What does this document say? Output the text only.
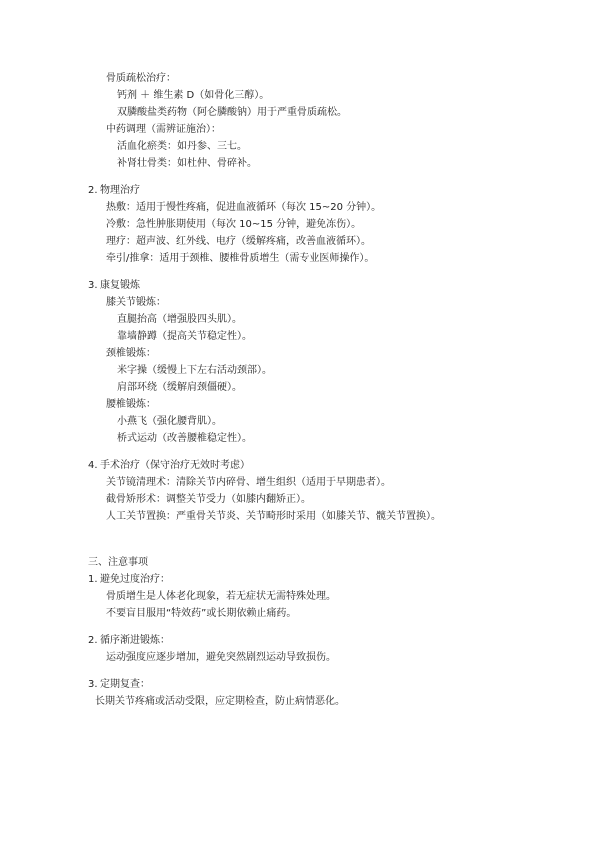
骨质疏松治疗：
钙剂 ＋ 维生素 D（如骨化三醇）。
双膦酸盐类药物（阿仑膦酸钠）用于严重骨质疏松。
中药调理（需辨证施治）：
活血化瘀类：如丹参、三七。
补肾壮骨类：如杜仲、骨碎补。
2. 物理治疗
热敷：适用于慢性疼痛，促进血液循环（每次 15~20 分钟）。
冷敷：急性肿胀期使用（每次 10~15 分钟，避免冻伤）。
理疗：超声波、红外线、电疗（缓解疼痛，改善血液循环）。
牵引/推拿：适用于颈椎、腰椎骨质增生（需专业医师操作）。
3. 康复锻炼
膝关节锻炼：
直腿抬高（增强股四头肌）。
靠墙静蹲（提高关节稳定性）。
颈椎锻炼：
米字操（缓慢上下左右活动颈部）。
肩部环绕（缓解肩颈僵硬）。
腰椎锻炼：
小燕飞（强化腰背肌）。
桥式运动（改善腰椎稳定性）。
4. 手术治疗（保守治疗无效时考虑）
关节镜清理术：清除关节内碎骨、增生组织（适用于早期患者）。
截骨矫形术：调整关节受力（如膝内翻矫正）。
人工关节置换：严重骨关节炎、关节畸形时采用（如膝关节、髋关节置换）。
三、注意事项
1. 避免过度治疗：
骨质增生是人体老化现象，若无症状无需特殊处理。
不要盲目服用“特效药”或长期依赖止痛药。
2. 循序渐进锻炼：
运动强度应逐步增加，避免突然剧烈运动导致损伤。
3. 定期复查：
长期关节疼痛或活动受限，应定期检查，防止病情恶化。
